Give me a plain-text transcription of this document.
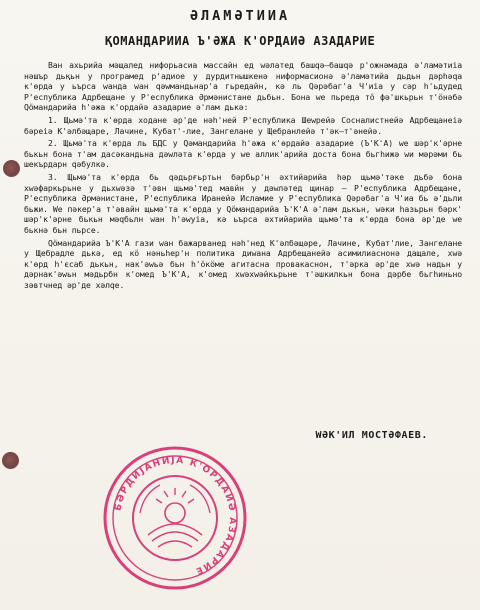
ӘЛАМӘТИИА
ҚОМАНДАРИИА Ъ'ӘЖА К'ОРДАИӘ АЗАДАРИЕ

Ван ахьрийа мәщалед нифорьасиа массайн ед wәлатед башqә—башqә р'ожнәмада ә'ламәтиiа нәшър дьқьн у програмед р'адиое у дурдитнышкенә ниформасионә ә'ламәтийа дьдьн дәрһәqа к'өрда у ьърса wанда wан qәwмандьнар'а гьредайн, кә ль Qәрәбаг'а Ч'иiа у сәр һ'ьдудед Р'еспублика Адрбещане у Р'еспублика Әрмәнистане дьбьн. Бона wе пьреда тӧ фә'шкьрьн т'ӧнәбә Qӧмандарийа һ'әжа к'ордайә азадарие ә'лам дькә:

1. Щьмә'та к'өрда ходане әр'де нәһ'ней Р'еспублика Шеwрейә Сосналистнейә Адрбещанеiә бәреiә К'әлбәщаре, Лачине, Кубат'-лие, Зангелане у Щебранлейә т'әк—т'әнейә.

2. Щьмә'та к'өрда ль БДС у Qәмандарийа һ'әжа к'өрдайә азадарие (Ъ'К'А) wе шәр'к'әрне бькьн бона т'ам дасәкандьна дәwләта к'өрда у wе аллик'арийа доста бона бьгһижә wи мәрәми бь шекърдарн qәбулкә.

3. Щьмә'та к'өрда бь qәдьрғьртьн бәрбьр'н әхтийарийа һәр щьмә'тәке дьбә бона хwәфаркьрьне у дьхwәзә т'әвн щьмә'тед мавйн у дәwләтед щинар — Р'еспублика Адрбещане, Р'еспублика Әрмәнистане, Р'еспублика Иранейә Исламие у Р'еспублика Qәрәбаг'а Ч'иа бь ә'дьли бьжи. Wе пәкер'а т'әвайн щьмә'та к'өрда у Qӧмандарийа Ъ'К'А ә'лам дькьн, wәки һазьрьн бәрк' шәр'к'әрне бькьн мәqбьлн wан һ'әwуiа, кә ьърса әхтийарийа щьмә'та к'өрда бона әр'де wе бькнә бьн пьрсе.

Qӧмандарийа Ъ'К'А гази wан бажарванед нәһ'нед К'әлбәщәре, Лачине, Кубат'лие, Зангелане у Щебрадле дькә, ед кӧ нәньһер'н политика диwана Адрбещанейә асимилиаснонә дащале, хwә к'өрд һ'єсаб дькьн, нак'әwьә бьн һ'ӧкӧме агитасна провакаснон, т'әрка әр'де хwә надьн у дәрнак'әwьн мәдьрбн к'омед Ъ'К'А, к'омед хwәхwәйкьрьне т'әшкилкьн бона дәрбе бьгһиньно зәвтчнед әр'де хәлqе.

WӘК'ИЛ МОСТӘФАЕВ.
БӘРДИЈАНИЈА К'ОРДАИӘ АЗАДАРИЕ
